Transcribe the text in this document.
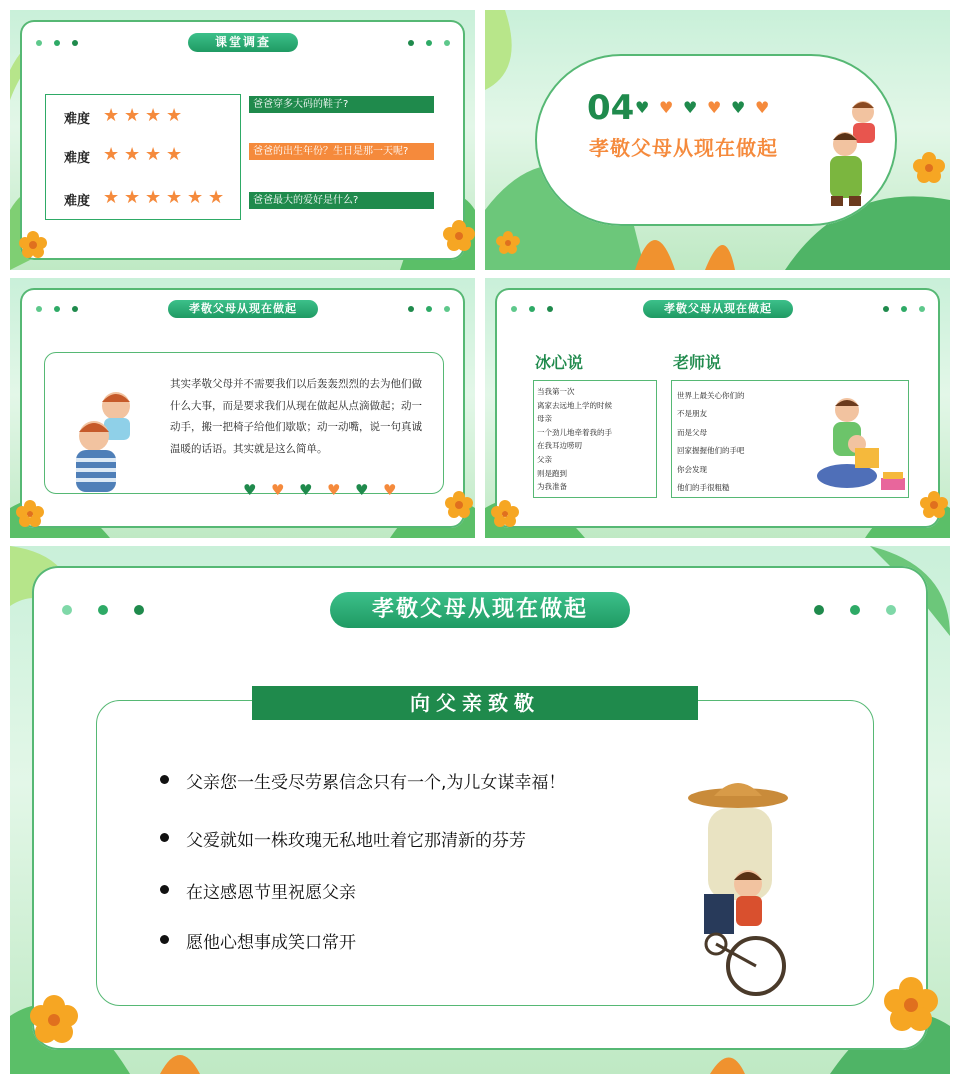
课堂调查
难度 ★ ★ ★ ★
难度 ★ ★ ★ ★
难度 ★ ★ ★ ★ ★ ★
爸爸穿多大码的鞋子?
爸爸的出生年份？生日是那一天呢?
爸爸最大的爱好是什么?
04 ♥ ♥ ♥ ♥ ♥ ♥
孝敬父母从现在做起
孝敬父母从现在做起
其实孝敬父母并不需要我们以后轰轰烈烈的去为他们做什么大事，而是要求我们从现在做起从点滴做起；动一动手，搬一把椅子给他们歇歇；动一动嘴，说一句真诚温暖的话语。其实就是这么简单。
♥ ♥ ♥ ♥ ♥ ♥
孝敬父母从现在做起
冰心说
当我第一次
离家去远地上学的时候
母亲
一个劲儿地牵着我的手
在我耳边唠叨
父亲
则是跑到
为我准备
老师说
世界上最关心你们的
不是朋友
而是父母
回家握握他们的手吧
你会发现
他们的手很粗糙
孝敬父母从现在做起
向父亲致敬
父亲您一生受尽劳累信念只有一个,为儿女谋幸福！
父爱就如一株玫瑰无私地吐着它那清新的芬芳
在这感恩节里祝愿父亲
愿他心想事成笑口常开
